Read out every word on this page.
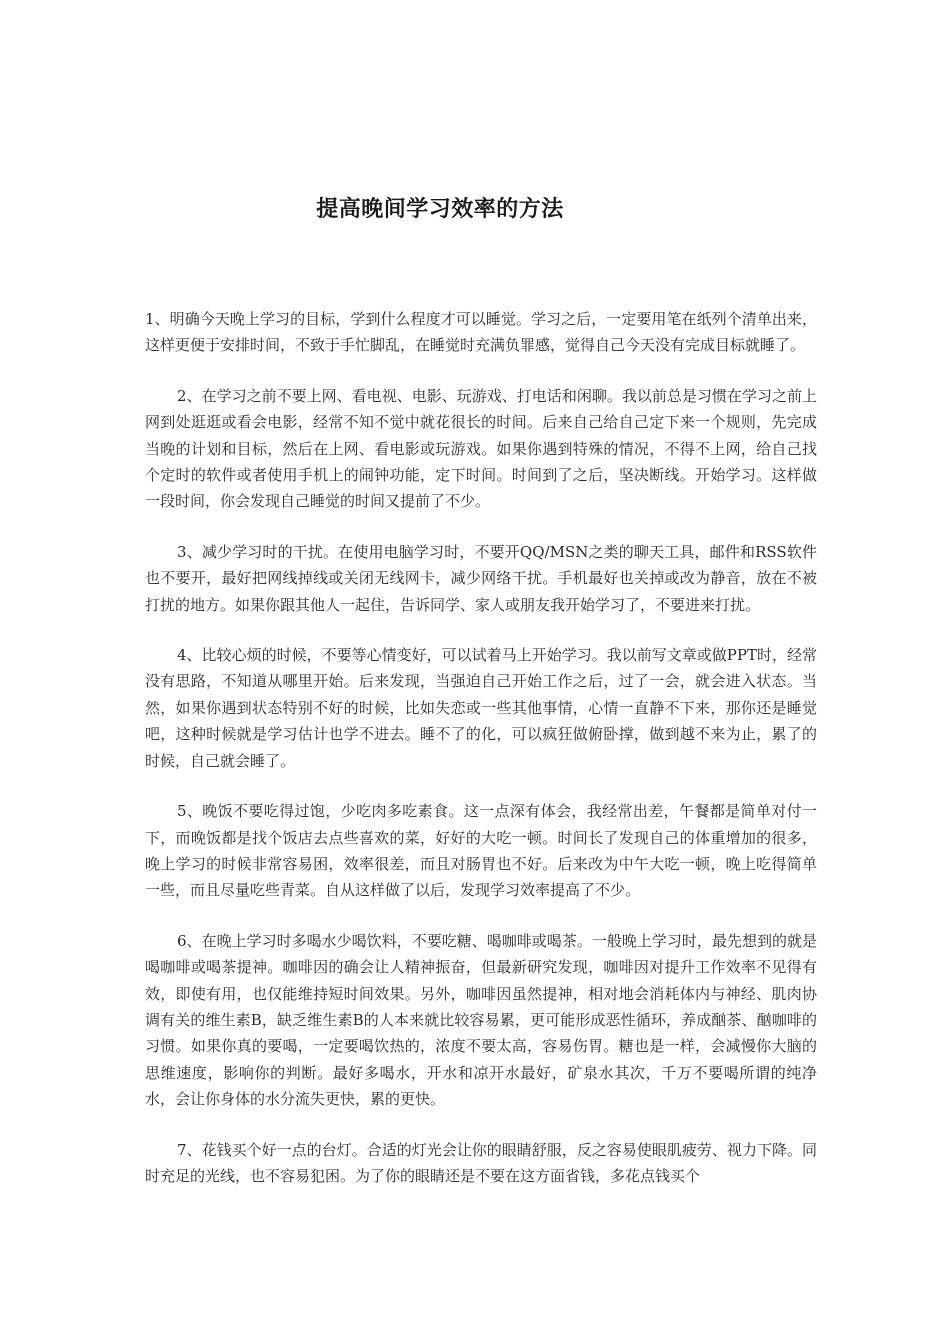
提高晚间学习效率的方法

1、明确今天晚上学习的目标，学到什么程度才可以睡觉。学习之后，一定要用笔在纸列个清单出来，这样更便于安排时间，不致于手忙脚乱，在睡觉时充满负罪感，觉得自己今天没有完成目标就睡了。

2、在学习之前不要上网、看电视、电影、玩游戏、打电话和闲聊。我以前总是习惯在学习之前上网到处逛逛或看会电影，经常不知不觉中就花很长的时间。后来自己给自己定下来一个规则，先完成当晚的计划和目标，然后在上网、看电影或玩游戏。如果你遇到特殊的情况，不得不上网，给自己找个定时的软件或者使用手机上的闹钟功能，定下时间。时间到了之后，坚决断线。开始学习。这样做一段时间，你会发现自己睡觉的时间又提前了不少。

3、减少学习时的干扰。在使用电脑学习时，不要开QQ/MSN之类的聊天工具，邮件和RSS软件也不要开，最好把网线掉线或关闭无线网卡，减少网络干扰。手机最好也关掉或改为静音，放在不被打扰的地方。如果你跟其他人一起住，告诉同学、家人或朋友我开始学习了，不要进来打扰。

4、比较心烦的时候，不要等心情变好，可以试着马上开始学习。我以前写文章或做PPT时，经常没有思路，不知道从哪里开始。后来发现，当强迫自己开始工作之后，过了一会，就会进入状态。当然，如果你遇到状态特别不好的时候，比如失恋或一些其他事情，心情一直静不下来，那你还是睡觉吧，这种时候就是学习估计也学不进去。睡不了的化，可以疯狂做俯卧撑，做到越不来为止，累了的时候，自己就会睡了。

5、晚饭不要吃得过饱，少吃肉多吃素食。这一点深有体会，我经常出差，午餐都是简单对付一下，而晚饭都是找个饭店去点些喜欢的菜，好好的大吃一顿。时间长了发现自己的体重增加的很多，晚上学习的时候非常容易困，效率很差，而且对肠胃也不好。后来改为中午大吃一顿，晚上吃得简单一些，而且尽量吃些青菜。自从这样做了以后，发现学习效率提高了不少。

6、在晚上学习时多喝水少喝饮料，不要吃糖、喝咖啡或喝茶。一般晚上学习时，最先想到的就是喝咖啡或喝茶提神。咖啡因的确会让人精神振奋，但最新研究发现，咖啡因对提升工作效率不见得有效，即使有用，也仅能维持短时间效果。另外，咖啡因虽然提神，相对地会消耗体内与神经、肌肉协调有关的维生素B，缺乏维生素B的人本来就比较容易累，更可能形成恶性循环，养成酗茶、酗咖啡的习惯。如果你真的要喝，一定要喝饮热的，浓度不要太高，容易伤胃。糖也是一样，会减慢你大脑的思维速度，影响你的判断。最好多喝水，开水和凉开水最好，矿泉水其次，千万不要喝所谓的纯净水，会让你身体的水分流失更快，累的更快。

7、花钱买个好一点的台灯。合适的灯光会让你的眼睛舒服，反之容易使眼肌疲劳、视力下降。同时充足的光线，也不容易犯困。为了你的眼睛还是不要在这方面省钱，多花点钱买个
